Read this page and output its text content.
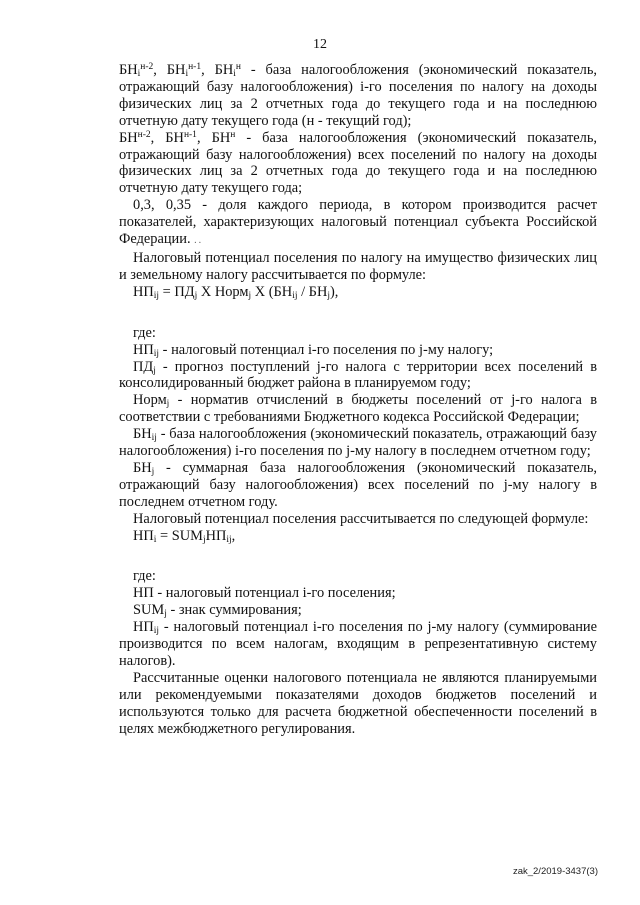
12

$БН_i^{н-2}$, $БН_i^{н-1}$, $БН_i^н$ - база налогообложения (экономический показатель, отражающий базу налогообложения) i-го поселения по налогу на доходы физических лиц за 2 отчетных года до текущего года и на последнюю отчетную дату текущего года (н - текущий год);

$БН^{н-2}$, $БН^{н-1}$, $БН^н$ - база налогообложения (экономический показатель, отражающий базу налогообложения) всех поселений по налогу на доходы физических лиц за 2 отчетных года до текущего года и на последнюю отчетную дату текущего года;

0,3, 0,35 - доля каждого периода, в котором производится расчет показателей, характеризующих налоговый потенциал субъекта Российской Федерации. ..

Налоговый потенциал поселения по налогу на имущество физических лиц и земельному налогу рассчитывается по формуле:

$НП_{ij} = ПД_j$ Х Норм$_j$ Х $(БН_{ij} / БН_j)$,

где:

$НП_{ij}$ - налоговый потенциал i-го поселения по j-му налогу;

$ПД_j$ - прогноз поступлений j-го налога с территории всех поселений в консолидированный бюджет района в планируемом году;

Норм$_j$ - норматив отчислений в бюджеты поселений от j-го налога в соответствии с требованиями Бюджетного кодекса Российской Федерации;

$БН_{ij}$ - база налогообложения (экономический показатель, отражающий базу налогообложения) i-го поселения по j-му налогу в последнем отчетном году;

$БН_j$ - суммарная база налогообложения (экономический показатель, отражающий базу налогообложения) всех поселений по j-му налогу в последнем отчетном году.

Налоговый потенциал поселения рассчитывается по следующей формуле:

$НП_i = SUM_jНП_{ij}$,

где:

НП - налоговый потенциал i-го поселения;

$SUM_j$ - знак суммирования;

$НП_{ij}$ - налоговый потенциал i-го поселения по j-му налогу (суммирование производится по всем налогам, входящим в репрезентативную систему налогов).

Рассчитанные оценки налогового потенциала не являются планируемыми или рекомендуемыми показателями доходов бюджетов поселений и используются только для расчета бюджетной обеспеченности поселений в целях межбюджетного регулирования.

zak_2/2019-3437(3)
